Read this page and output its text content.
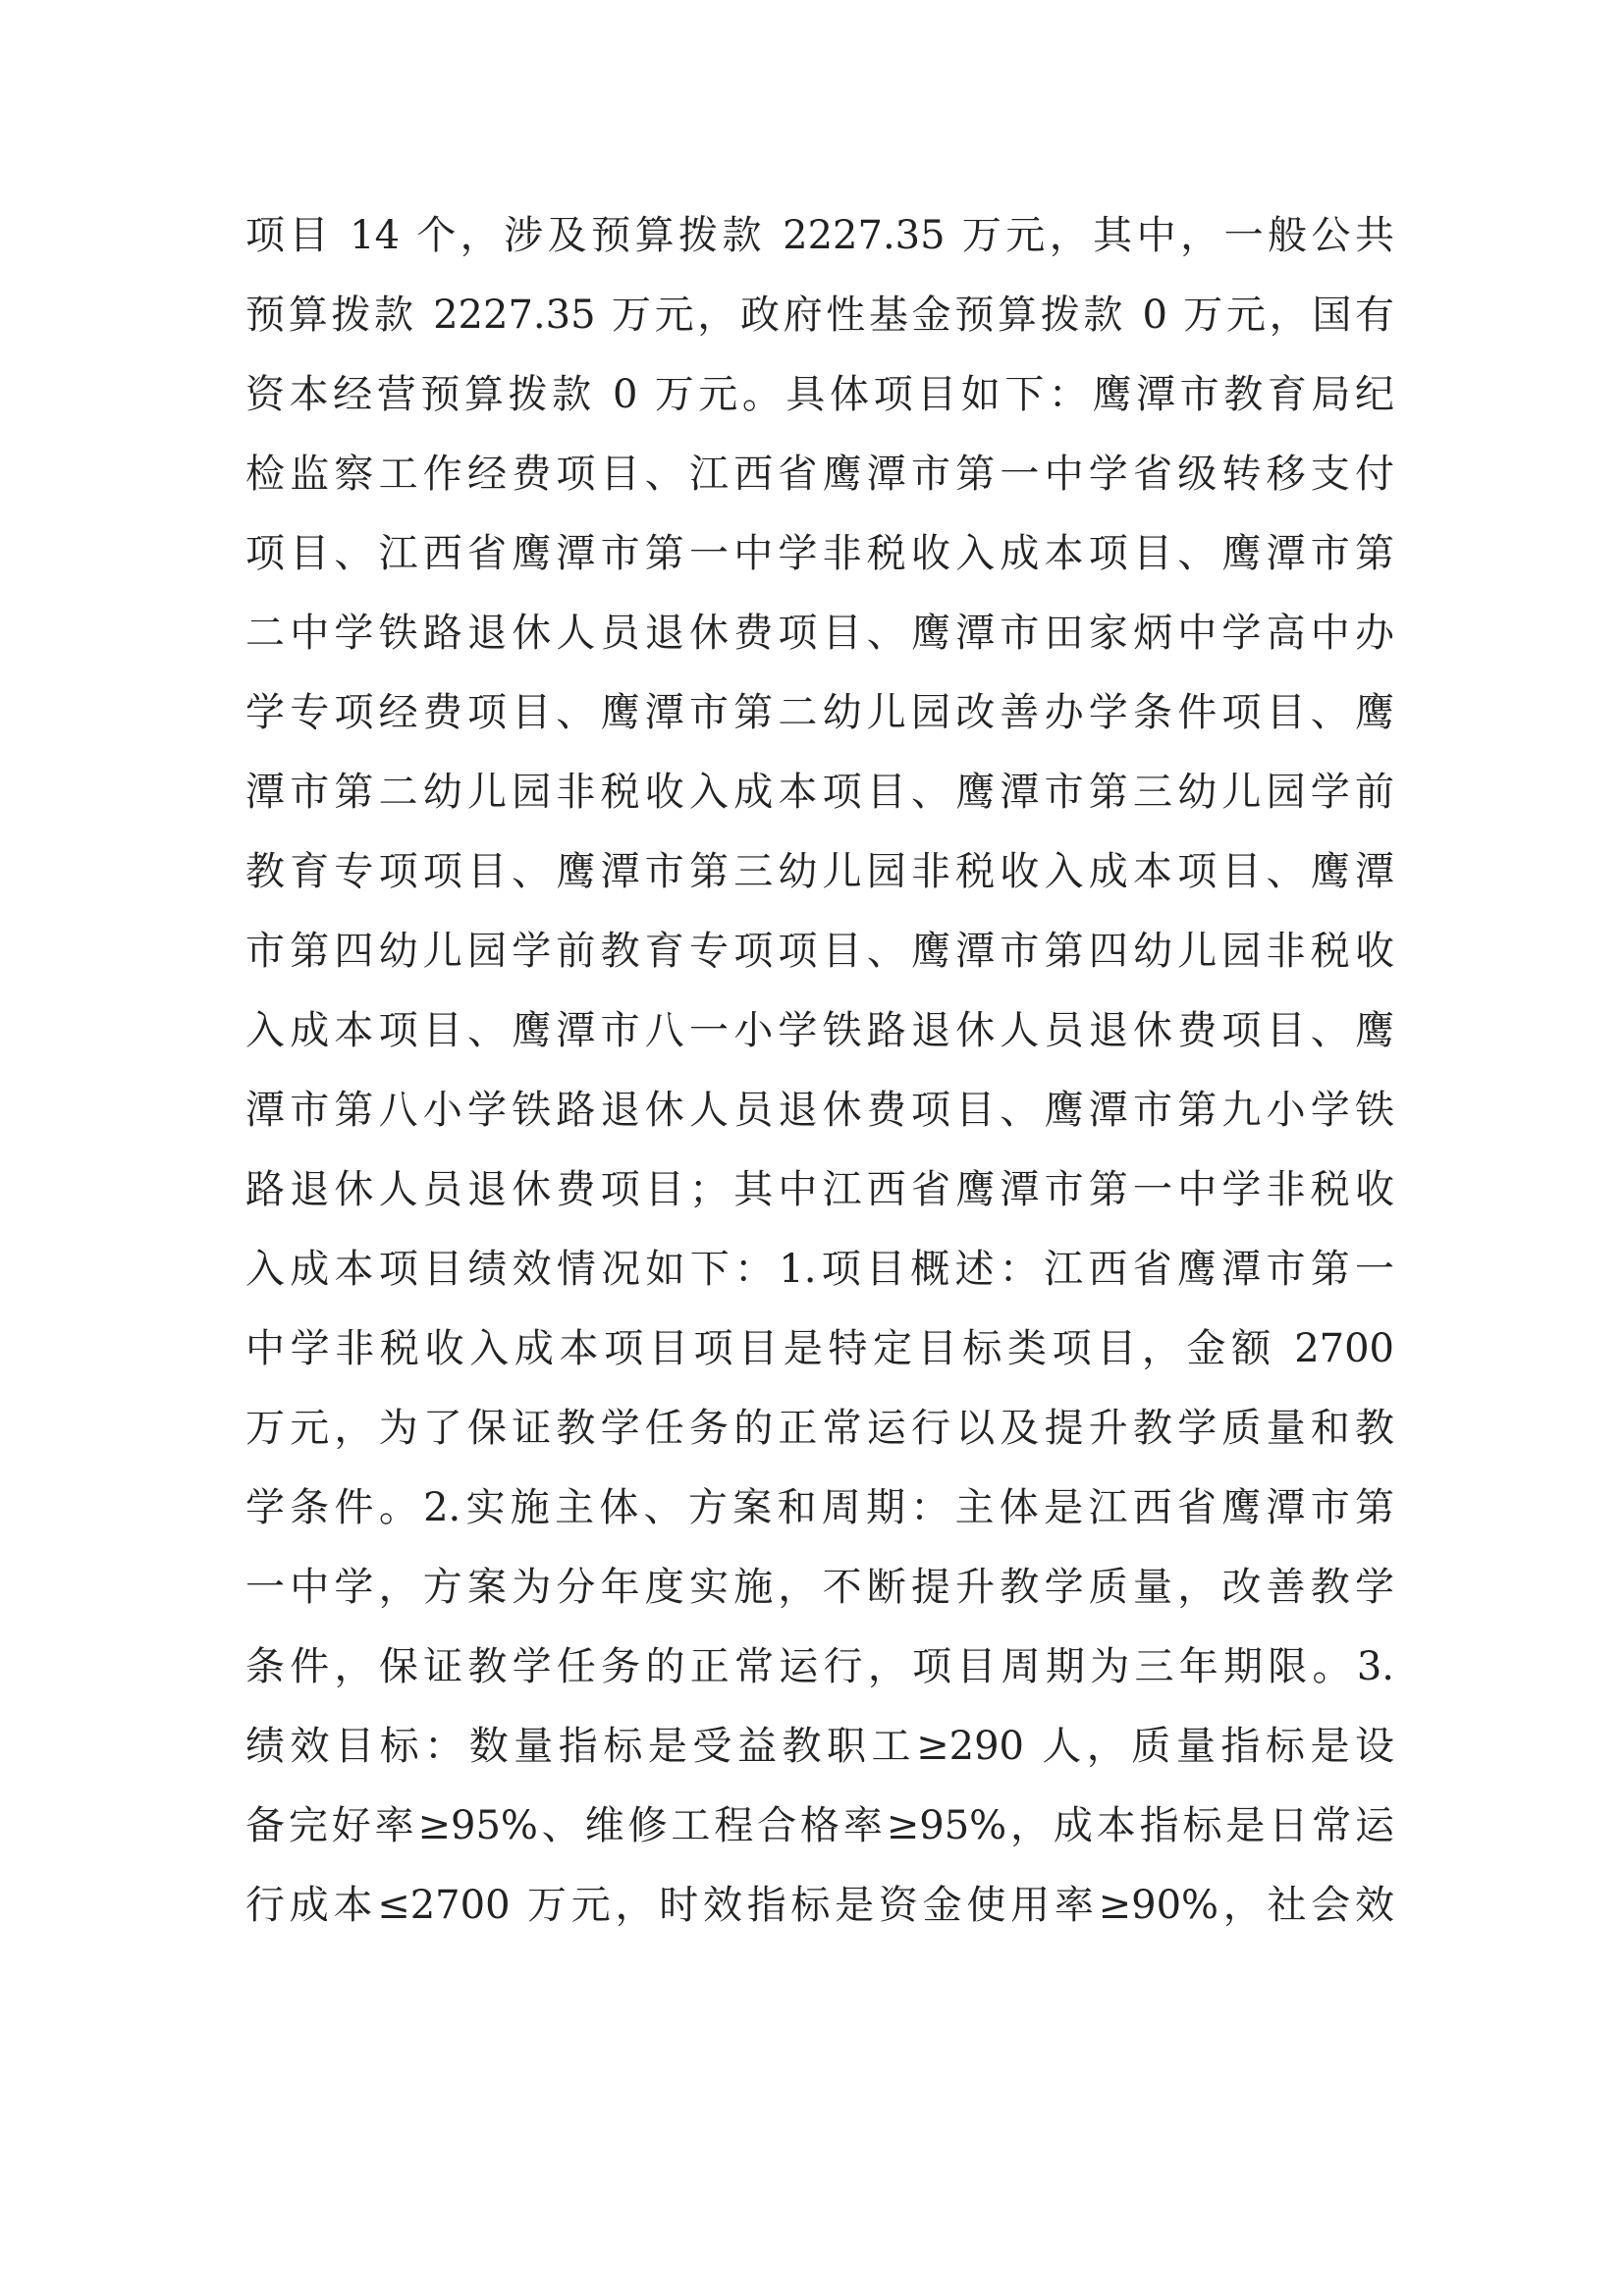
项目 14 个，涉及预算拨款 2227.35 万元，其中，一般公共
预算拨款 2227.35 万元，政府性基金预算拨款 0 万元，国有
资本经营预算拨款 0 万元。具体项目如下：鹰潭市教育局纪
检监察工作经费项目、江西省鹰潭市第一中学省级转移支付
项目、江西省鹰潭市第一中学非税收入成本项目、鹰潭市第
二中学铁路退休人员退休费项目、鹰潭市田家炳中学高中办
学专项经费项目、鹰潭市第二幼儿园改善办学条件项目、鹰
潭市第二幼儿园非税收入成本项目、鹰潭市第三幼儿园学前
教育专项项目、鹰潭市第三幼儿园非税收入成本项目、鹰潭
市第四幼儿园学前教育专项项目、鹰潭市第四幼儿园非税收
入成本项目、鹰潭市八一小学铁路退休人员退休费项目、鹰
潭市第八小学铁路退休人员退休费项目、鹰潭市第九小学铁
路退休人员退休费项目；其中江西省鹰潭市第一中学非税收
入成本项目绩效情况如下：1.项目概述：江西省鹰潭市第一
中学非税收入成本项目项目是特定目标类项目，金额 2700
万元，为了保证教学任务的正常运行以及提升教学质量和教
学条件。2.实施主体、方案和周期：主体是江西省鹰潭市第
一中学，方案为分年度实施，不断提升教学质量，改善教学
条件，保证教学任务的正常运行，项目周期为三年期限。3.
绩效目标：数量指标是受益教职工≥290 人，质量指标是设
备完好率≥95%、维修工程合格率≥95%，成本指标是日常运
行成本≤2700 万元，时效指标是资金使用率≥90%，社会效
